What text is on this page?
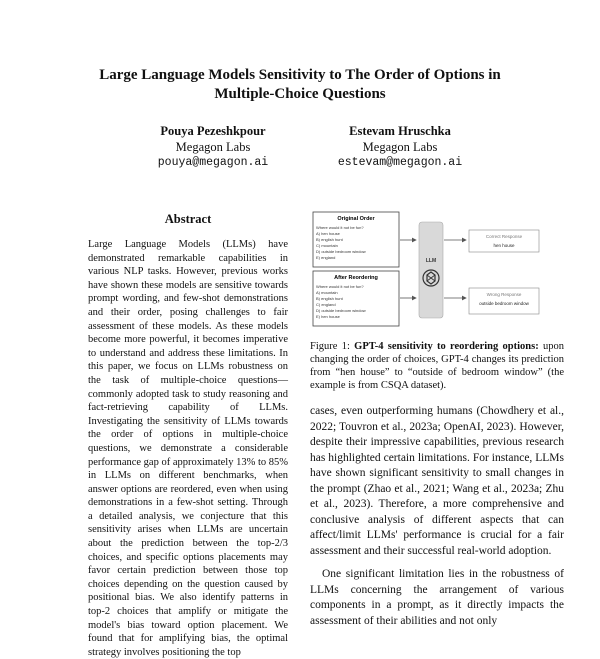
Large Language Models Sensitivity to The Order of Options in
Multiple-Choice Questions
Pouya Pezeshkpour
Megagon Labs
pouya@megagon.ai
Estevam Hruschka
Megagon Labs
estevam@megagon.ai
Abstract
Large Language Models (LLMs) have demonstrated remarkable capabilities in various NLP tasks. However, previous works have shown these models are sensitive towards prompt wording, and few-shot demonstrations and their order, posing challenges to fair assessment of these models. As these models become more powerful, it becomes imperative to understand and address these limitations. In this paper, we focus on LLMs robustness on the task of multiple-choice questions—commonly adopted task to study reasoning and fact-retrieving capability of LLMs. Investigating the sensitivity of LLMs towards the order of options in multiple-choice questions, we demonstrate a considerable performance gap of approximately 13% to 85% in LLMs on different benchmarks, when answer options are reordered, even when using demonstrations in a few-shot setting. Through a detailed analysis, we conjecture that this sensitivity arises when LLMs are uncertain about the prediction between the top-2/3 choices, and specific options placements may favor certain prediction between those top choices depending on the question caused by positional bias. We also identify patterns in top-2 choices that amplify or mitigate the model's bias toward option placement. We found that for amplifying bias, the optimal strategy involves positioning the top
Original Order
Where would it not be fun?
A) hen house
B) english hunt
C) mountain
D) outside bedroom window
E) england
After Reordering
Where would it not be fun?
A) mountain
B) english hunt
C) england
D) outside bedroom window
E) hen house
LLM
Correct Response
hen house
Wrong Response
outside bedroom window
Figure 1: GPT-4 sensitivity to reordering options: upon changing the order of choices, GPT-4 changes its prediction from “hen house” to “outside of bedroom window” (the example is from CSQA dataset).

cases, even outperforming humans (Chowdhery et al., 2022; Touvron et al., 2023a; OpenAI, 2023). However, despite their impressive capabilities, previous research has highlighted certain limitations. For instance, LLMs have shown significant sensitivity to small changes in the prompt (Zhao et al., 2021; Wang et al., 2023a; Zhu et al., 2023). Therefore, a more comprehensive and conclusive analysis of different aspects that can affect/limit LLMs' performance is crucial for a fair assessment and their successful real-world adoption.

One significant limitation lies in the robustness of LLMs concerning the arrangement of various components in a prompt, as it directly impacts the assessment of their abilities and not only
